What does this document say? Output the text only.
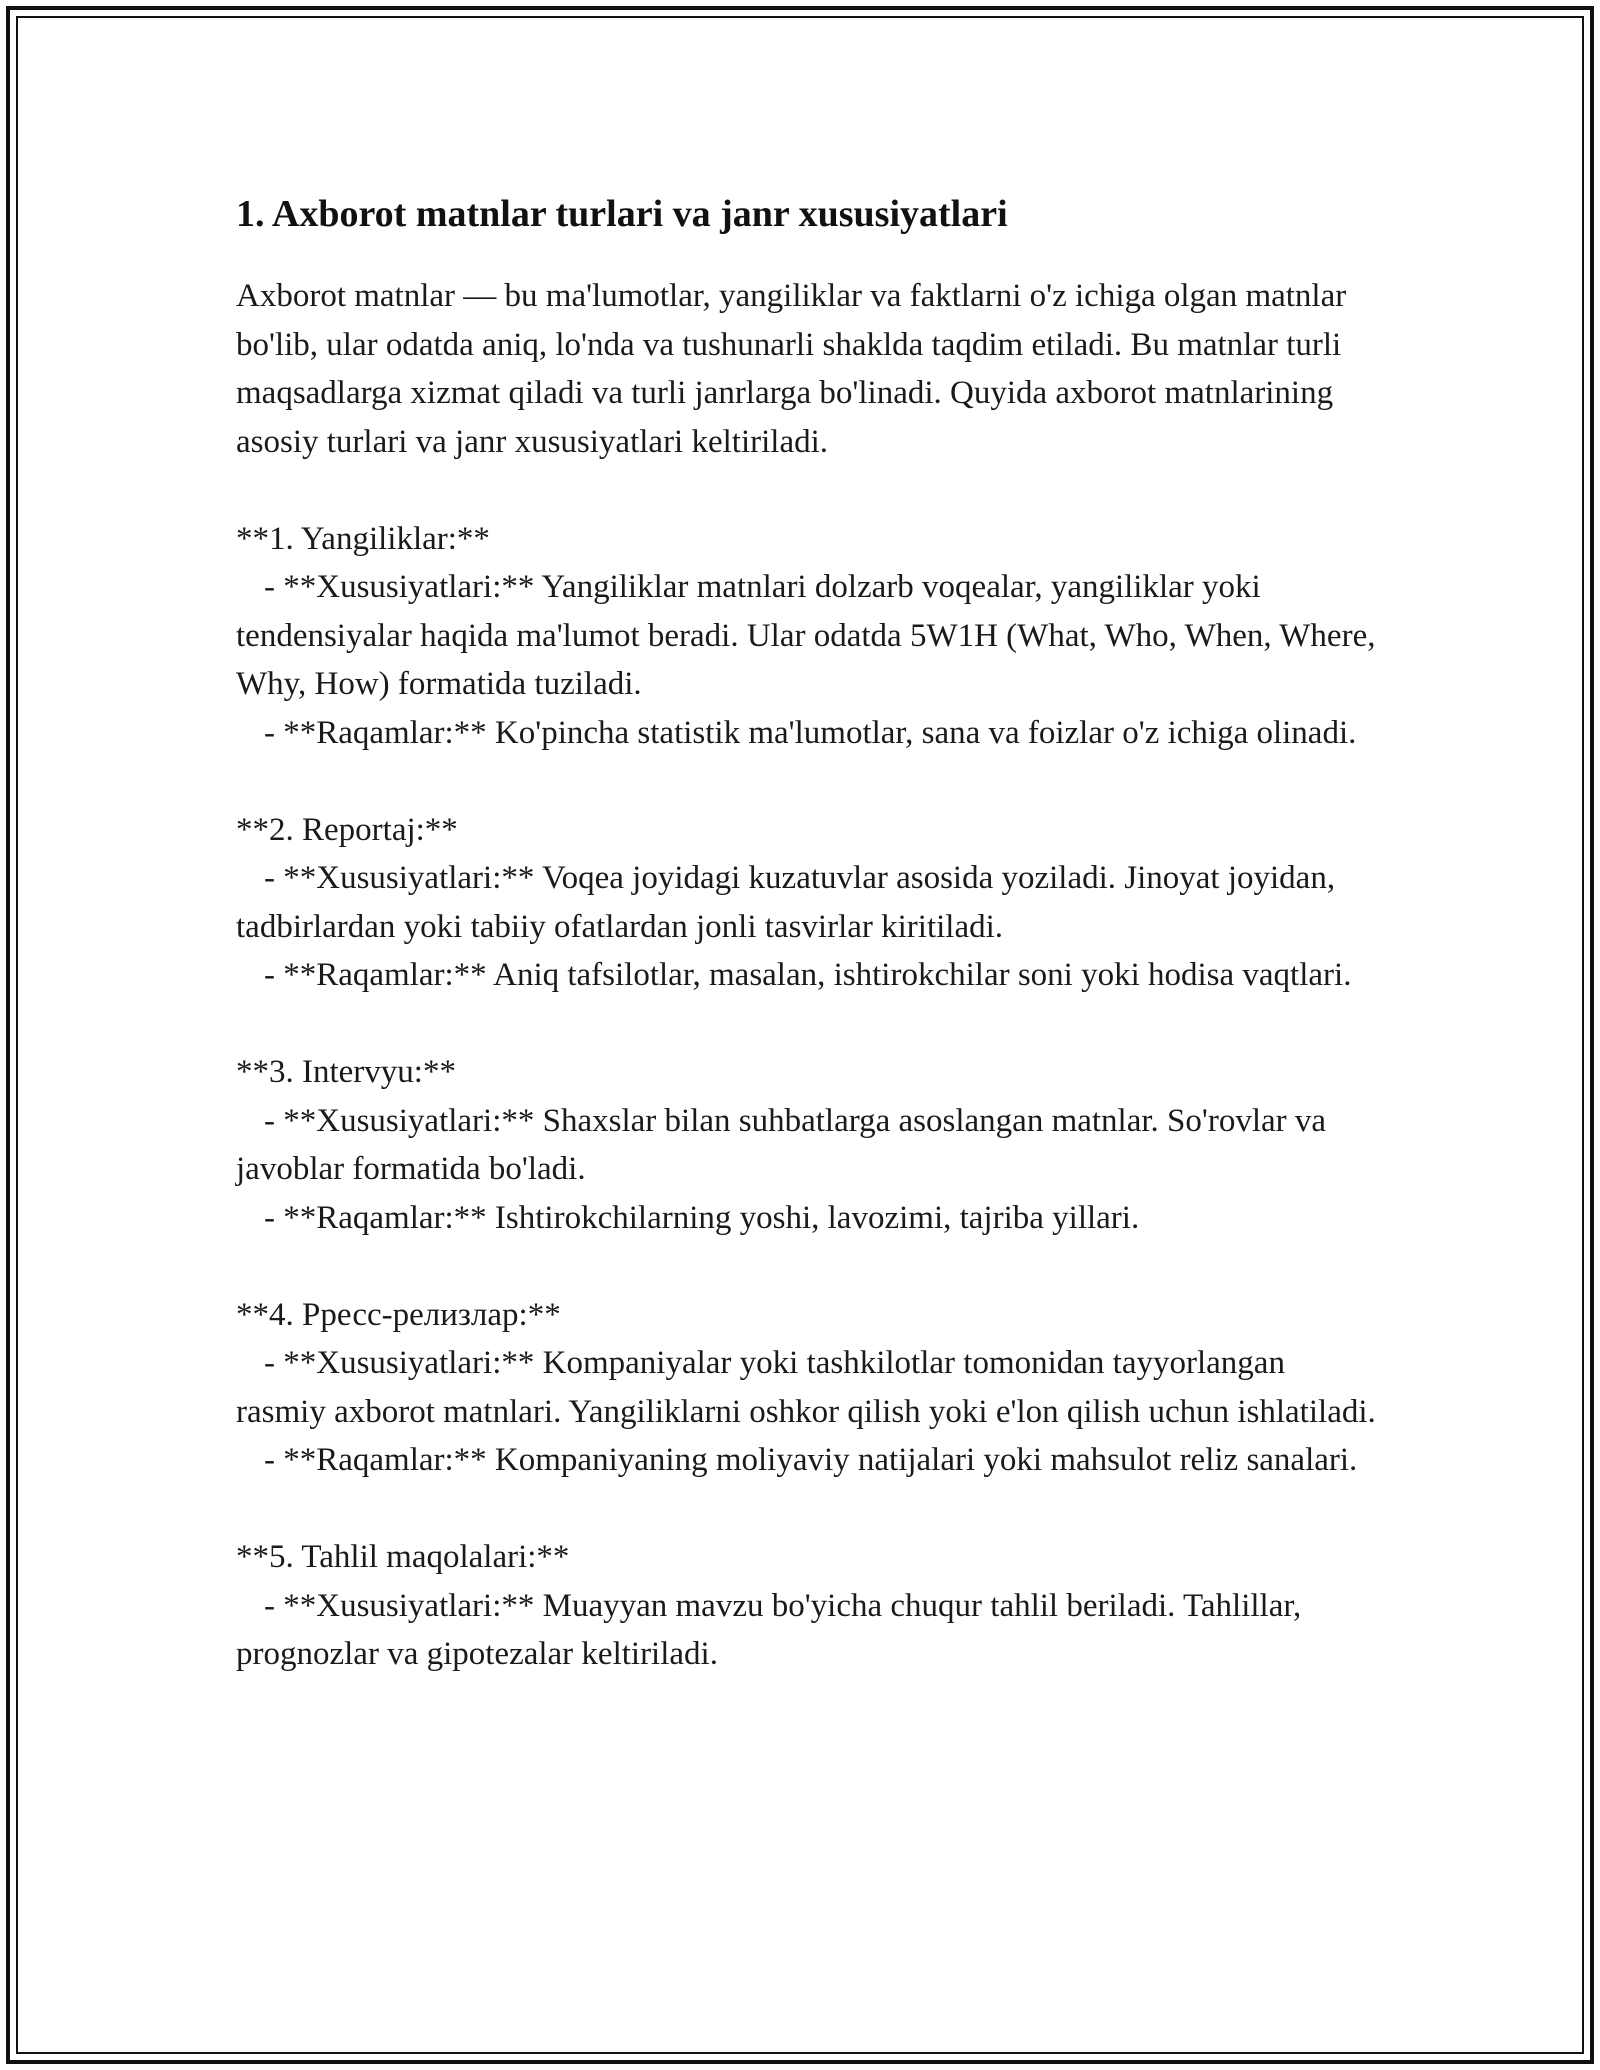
1. Axborot matnlar turlari va janr xususiyatlari

Axborot matnlar — bu ma'lumotlar, yangiliklar va faktlarni o'z ichiga olgan matnlar bo'lib, ular odatda aniq, lo'nda va tushunarli shaklda taqdim etiladi. Bu matnlar turli maqsadlarga xizmat qiladi va turli janrlarga bo'linadi. Quyida axborot matnlarining asosiy turlari va janr xususiyatlari keltiriladi.

**1. Yangiliklar:**

- **Xususiyatlari:** Yangiliklar matnlari dolzarb voqealar, yangiliklar yoki tendensiyalar haqida ma'lumot beradi. Ular odatda 5W1H (What, Who, When, Where, Why, How) formatida tuziladi.

- **Raqamlar:** Ko'pincha statistik ma'lumotlar, sana va foizlar o'z ichiga olinadi.

**2. Reportaj:**

- **Xususiyatlari:** Voqea joyidagi kuzatuvlar asosida yoziladi. Jinoyat joyidan, tadbirlardan yoki tabiiy ofatlardan jonli tasvirlar kiritiladi.

- **Raqamlar:** Aniq tafsilotlar, masalan, ishtirokchilar soni yoki hodisa vaqtlari.

**3. Intervyu:**

- **Xususiyatlari:** Shaxslar bilan suhbatlarga asoslangan matnlar. So'rovlar va javoblar formatida bo'ladi.

- **Raqamlar:** Ishtirokchilarning yoshi, lavozimi, tajriba yillari.

**4. Pресс-релизлар:**

- **Xususiyatlari:** Kompaniyalar yoki tashkilotlar tomonidan tayyorlangan rasmiy axborot matnlari. Yangiliklarni oshkor qilish yoki e'lon qilish uchun ishlatiladi.

- **Raqamlar:** Kompaniyaning moliyaviy natijalari yoki mahsulot reliz sanalari.

**5. Tahlil maqolalari:**

- **Xususiyatlari:** Muayyan mavzu bo'yicha chuqur tahlil beriladi. Tahlillar, prognozlar va gipotezalar keltiriladi.
